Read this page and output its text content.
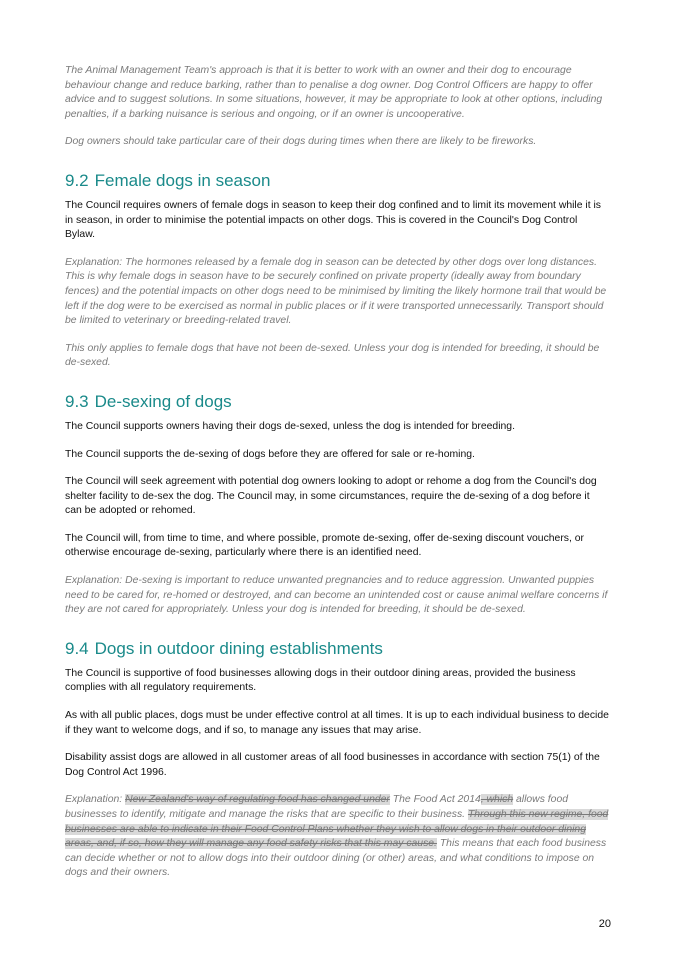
The Animal Management Team's approach is that it is better to work with an owner and their dog to encourage behaviour change and reduce barking, rather than to penalise a dog owner. Dog Control Officers are happy to offer advice and to suggest solutions. In some situations, however, it may be appropriate to look at other options, including penalties, if a barking nuisance is serious and ongoing, or if an owner is uncooperative.

Dog owners should take particular care of their dogs during times when there are likely to be fireworks.

9.2 Female dogs in season

The Council requires owners of female dogs in season to keep their dog confined and to limit its movement while it is in season, in order to minimise the potential impacts on other dogs. This is covered in the Council's Dog Control Bylaw.

Explanation: The hormones released by a female dog in season can be detected by other dogs over long distances. This is why female dogs in season have to be securely confined on private property (ideally away from boundary fences) and the potential impacts on other dogs need to be minimised by limiting the likely hormone trail that would be left if the dog were to be exercised as normal in public places or if it were transported unnecessarily. Transport should be limited to veterinary or breeding-related travel.

This only applies to female dogs that have not been de-sexed. Unless your dog is intended for breeding, it should be de-sexed.

9.3 De-sexing of dogs

The Council supports owners having their dogs de-sexed, unless the dog is intended for breeding.

The Council supports the de-sexing of dogs before they are offered for sale or re-homing.

The Council will seek agreement with potential dog owners looking to adopt or rehome a dog from the Council's dog shelter facility to de-sex the dog. The Council may, in some circumstances, require the de-sexing of a dog before it can be adopted or rehomed.

The Council will, from time to time, and where possible, promote de-sexing, offer de-sexing discount vouchers, or otherwise encourage de-sexing, particularly where there is an identified need.

Explanation: De-sexing is important to reduce unwanted pregnancies and to reduce aggression. Unwanted puppies need to be cared for, re-homed or destroyed, and can become an unintended cost or cause animal welfare concerns if they are not cared for appropriately. Unless your dog is intended for breeding, it should be de-sexed.

9.4 Dogs in outdoor dining establishments

The Council is supportive of food businesses allowing dogs in their outdoor dining areas, provided the business complies with all regulatory requirements.

As with all public places, dogs must be under effective control at all times. It is up to each individual business to decide if they want to welcome dogs, and if so, to manage any issues that may arise.

Disability assist dogs are allowed in all customer areas of all food businesses in accordance with section 75(1) of the Dog Control Act 1996.

Explanation: New Zealand's way of regulating food has changed under The Food Act 2014, which allows food businesses to identify, mitigate and manage the risks that are specific to their business. Through this new regime, food businesses are able to indicate in their Food Control Plans whether they wish to allow dogs in their outdoor dining areas, and, if so, how they will manage any food safety risks that this may cause. This means that each food business can decide whether or not to allow dogs into their outdoor dining (or other) areas, and what conditions to impose on dogs and their owners.

20
